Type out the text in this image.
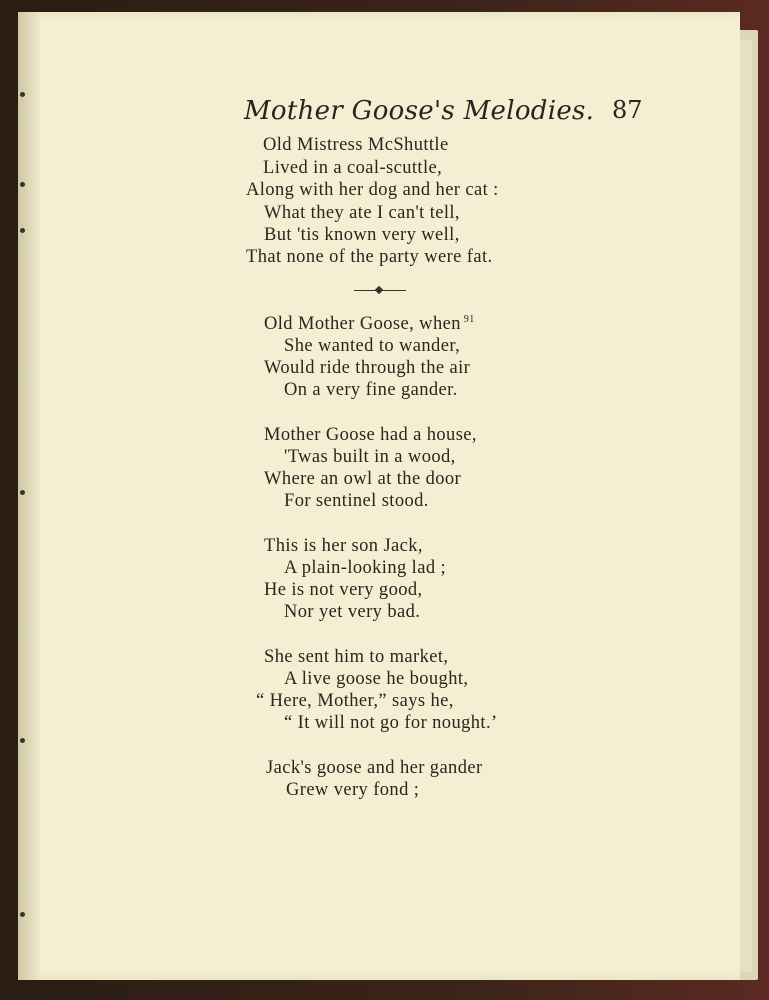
Mother Goose's Melodies. 87
Old Mistress McShuttle
Lived in a coal-scuttle,
Along with her dog and her cat :
What they ate I can't tell,
But 'tis known very well,
That none of the party were fat.
Old Mother Goose, when $^{91}$
She wanted to wander,
Would ride through the air
On a very fine gander.
Mother Goose had a house,
'Twas built in a wood,
Where an owl at the door
For sentinel stood.
This is her son Jack,
A plain-looking lad ;
He is not very good,
Nor yet very bad.
She sent him to market,
A live goose he bought,
“ Here, Mother,” says he,
“ It will not go for nought.’
Jack's goose and her gander
Grew very fond ;
